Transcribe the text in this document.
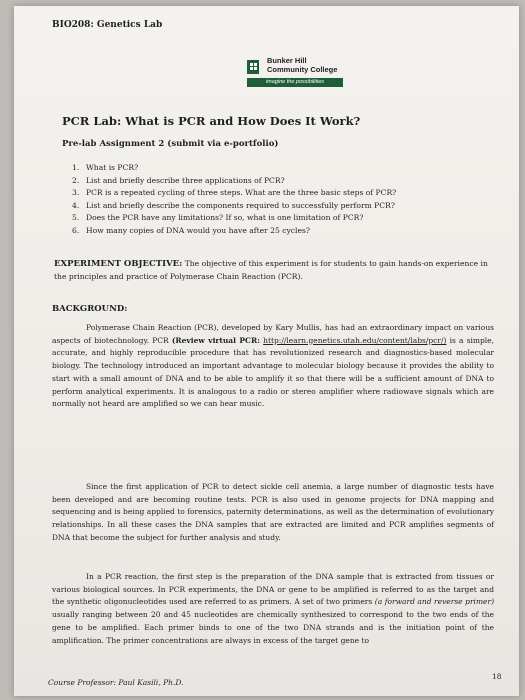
BIO208: Genetics Lab
Bunker Hill
Community College
imagine the possibilities
PCR Lab: What is PCR and How Does It Work?
Pre-lab Assignment 2 (submit via e-portfolio)
1. What is PCR?
2. List and briefly describe three applications of PCR?
3. PCR is a repeated cycling of three steps. What are the three basic steps of PCR?
4. List and briefly describe the components required to successfully perform PCR?
5. Does the PCR have any limitations? If so, what is one limitation of PCR?
6. How many copies of DNA would you have after 25 cycles?
EXPERIMENT OBJECTIVE: The objective of this experiment is for students to gain hands-on experience in the principles and practice of Polymerase Chain Reaction (PCR).
BACKGROUND:
Polymerase Chain Reaction (PCR), developed by Kary Mullis, has had an extraordinary impact on various aspects of biotechnology. PCR (Review virtual PCR: http://learn.genetics.utah.edu/content/labs/pcr/) is a simple, accurate, and highly reproducible procedure that has revolutionized research and diagnostics-based molecular biology. The technology introduced an important advantage to molecular biology because it provides the ability to start with a small amount of DNA and to be able to amplify it so that there will be a sufficient amount of DNA to perform analytical experiments. It is analogous to a radio or stereo amplifier where radiowave signals which are normally not heard are amplified so we can hear music.
Since the first application of PCR to detect sickle cell anemia, a large number of diagnostic tests have been developed and are becoming routine tests. PCR is also used in genome projects for DNA mapping and sequencing and is being applied to forensics, paternity determinations, as well as the determination of evolutionary relationships. In all these cases the DNA samples that are extracted are limited and PCR amplifies segments of DNA that become the subject for further analysis and study.
In a PCR reaction, the first step is the preparation of the DNA sample that is extracted from tissues or various biological sources. In PCR experiments, the DNA or gene to be amplified is referred to as the target and the synthetic oligonucleotides used are referred to as primers. A set of two primers (a forward and reverse primer) usually ranging between 20 and 45 nucleotides are chemically synthesized to correspond to the two ends of the gene to be amplified. Each primer binds to one of the two DNA strands and is the initiation point of the amplification. The primer concentrations are always in excess of the target gene to
18
Course Professor: Paul Kasili, Ph.D.
